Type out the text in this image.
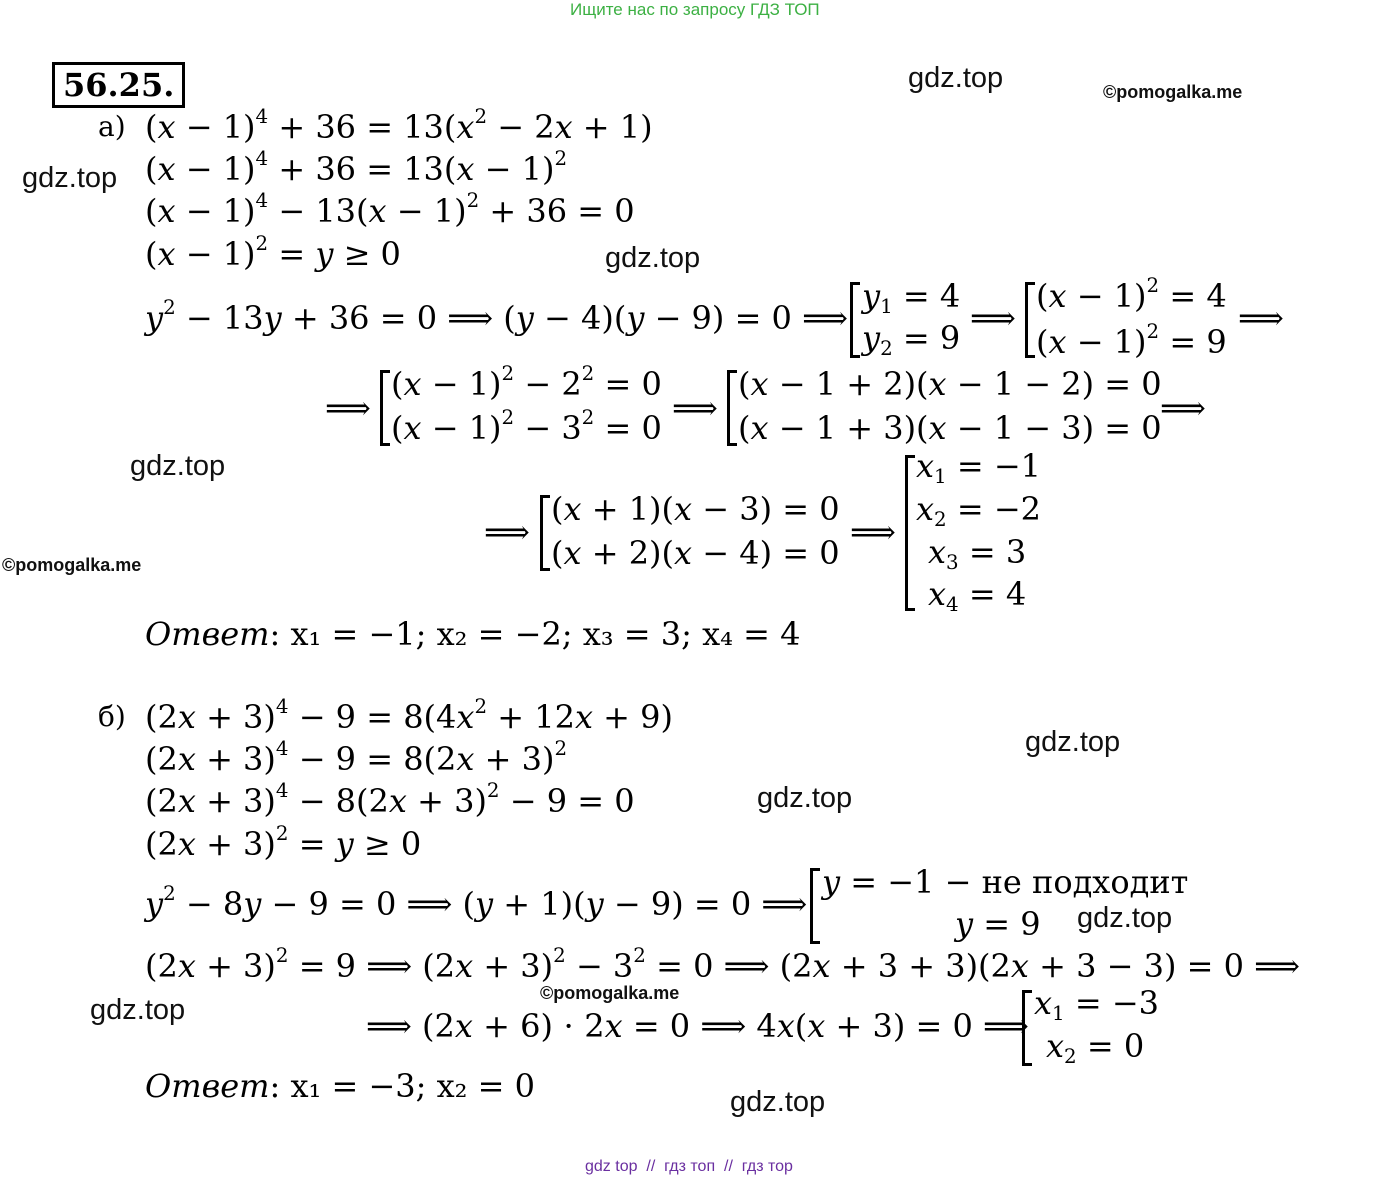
Ищите нас по запросу ГДЗ ТОП
56.25.	gdz.top	©pomogalka.me
gdz.top
gdz.top
gdz.top
©pomogalka.me
gdz.top
gdz.top
gdz.top
©pomogalka.me
gdz.top
gdz.top
а) $(x - 1)^4 + 36 = 13(x^2 - 2x + 1)$
$(x - 1)^4 + 36 = 13(x - 1)^2$
$(x - 1)^4 - 13(x - 1)^2 + 36 = 0$
$(x - 1)^2 = y \ge 0$
$y^2 - 13y + 36 = 0$ ⟹ (y − 4)(y − 9) = 0 ⟹
$y_1 = 4$
$y_2 = 9$
⟹
$(x - 1)^2 = 4$
$(x - 1)^2 = 9$
⟹
⟹
$(x - 1)^2 - 2^2 = 0$
$(x - 1)^2 - 3^2 = 0$
⟹
(x − 1 + 2)(x − 1 − 2) = 0
(x − 1 + 3)(x − 1 − 3) = 0
⟹
⟹
(x + 1)(x − 3) = 0
(x + 2)(x − 4) = 0
⟹
$x_1 = -1$
$x_2 = -2$
$x_3 = 3$
$x_4 = 4$
Ответ: x₁ = −1; x₂ = −2; x₃ = 3; x₄ = 4
б) $(2x + 3)^4 - 9 = 8(4x^2 + 12x + 9)$
$(2x + 3)^4 - 9 = 8(2x + 3)^2$
$(2x + 3)^4 - 8(2x + 3)^2 - 9 = 0$
$(2x + 3)^2 = y \ge 0$
$y^2 - 8y - 9 = 0$ ⟹ (y + 1)(y − 9) = 0 ⟹
y = −1 − не подходит
y = 9
$(2x + 3)^2 = 9$ ⟹ $(2x + 3)^2 - 3^2 = 0$ ⟹ (2x + 3 + 3)(2x + 3 − 3) = 0 ⟹
⟹ (2x + 6) ⋅ 2x = 0 ⟹ 4x(x + 3) = 0 ⟹
$x_1 = -3$
$x_2 = 0$
Ответ: x₁ = −3; x₂ = 0
gdz top  //  гдз топ  //  гдз тор
